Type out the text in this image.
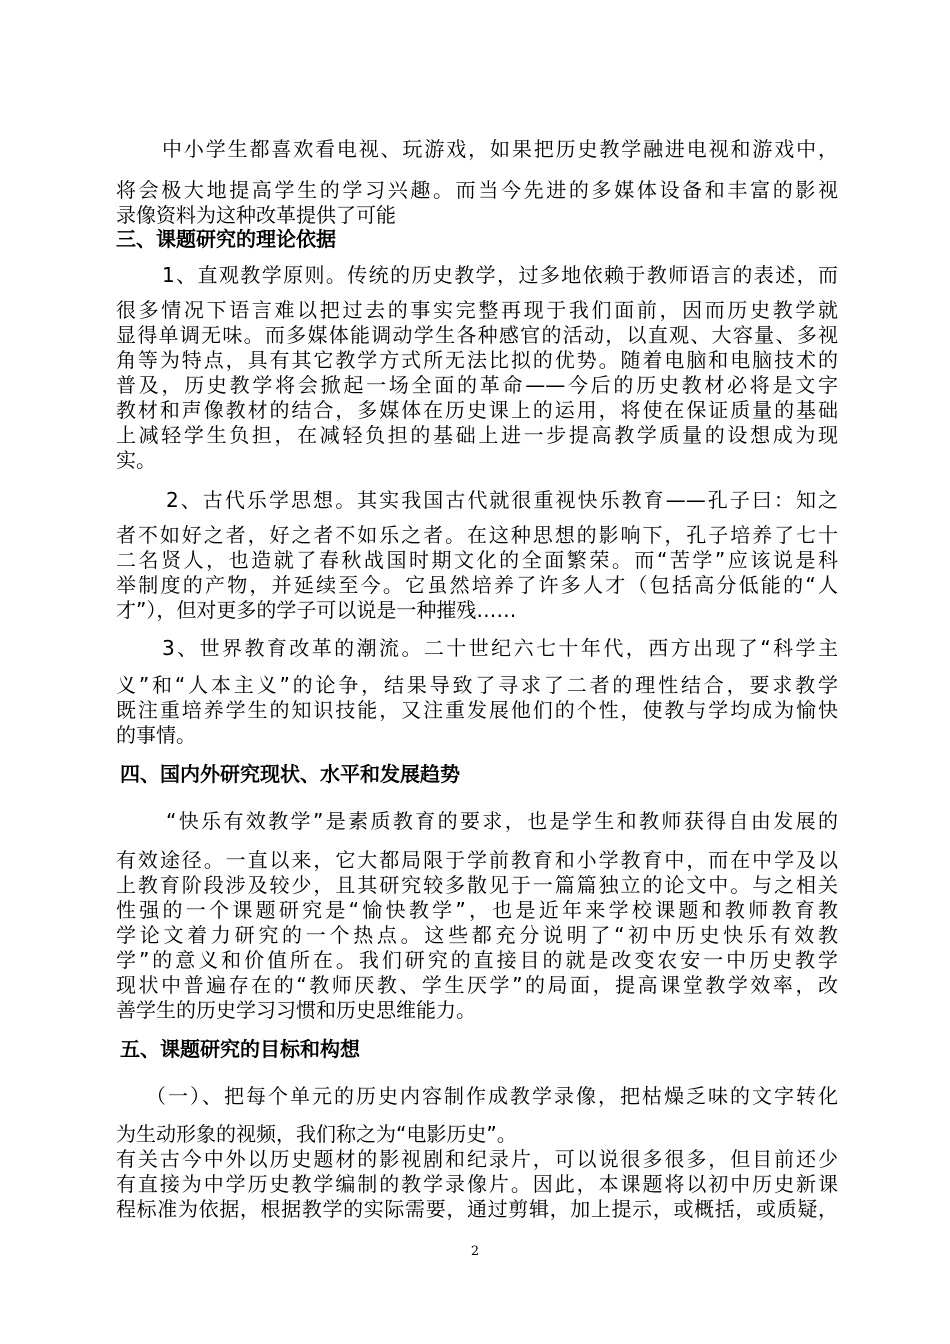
中小学生都喜欢看电视、玩游戏，如果把历史教学融进电视和游戏中，
将会极大地提高学生的学习兴趣。而当今先进的多媒体设备和丰富的影视
录像资料为这种改革提供了可能
三、课题研究的理论依据
1、直观教学原则。传统的历史教学，过多地依赖于教师语言的表述，而
很多情况下语言难以把过去的事实完整再现于我们面前，因而历史教学就
显得单调无味。而多媒体能调动学生各种感官的活动，以直观、大容量、多视
角等为特点，具有其它教学方式所无法比拟的优势。随着电脑和电脑技术的
普及，历史教学将会掀起一场全面的革命——今后的历史教材必将是文字
教材和声像教材的结合，多媒体在历史课上的运用，将使在保证质量的基础
上减轻学生负担，在减轻负担的基础上进一步提高教学质量的设想成为现
实。
2、古代乐学思想。其实我国古代就很重视快乐教育——孔子曰：知之
者不如好之者，好之者不如乐之者。在这种思想的影响下，孔子培养了七十
二名贤人，也造就了春秋战国时期文化的全面繁荣。而“苦学”应该说是科
举制度的产物，并延续至今。它虽然培养了许多人才（包括高分低能的“人
才”），但对更多的学子可以说是一种摧残……
3、世界教育改革的潮流。二十世纪六七十年代，西方出现了“科学主
义”和“人本主义”的论争，结果导致了寻求了二者的理性结合，要求教学
既注重培养学生的知识技能，又注重发展他们的个性，使教与学均成为愉快
的事情。
四、国内外研究现状、水平和发展趋势
“快乐有效教学”是素质教育的要求，也是学生和教师获得自由发展的
有效途径。一直以来，它大都局限于学前教育和小学教育中，而在中学及以
上教育阶段涉及较少，且其研究较多散见于一篇篇独立的论文中。与之相关
性强的一个课题研究是“愉快教学”，也是近年来学校课题和教师教育教
学论文着力研究的一个热点。这些都充分说明了“初中历史快乐有效教
学”的意义和价值所在。我们研究的直接目的就是改变农安一中历史教学
现状中普遍存在的“教师厌教、学生厌学”的局面，提高课堂教学效率，改
善学生的历史学习习惯和历史思维能力。
五、课题研究的目标和构想
（一）、把每个单元的历史内容制作成教学录像，把枯燥乏味的文字转化
为生动形象的视频，我们称之为“电影历史”。
有关古今中外以历史题材的影视剧和纪录片，可以说很多很多，但目前还少
有直接为中学历史教学编制的教学录像片。因此，本课题将以初中历史新课
程标准为依据，根据教学的实际需要，通过剪辑，加上提示，或概括，或质疑，
2
